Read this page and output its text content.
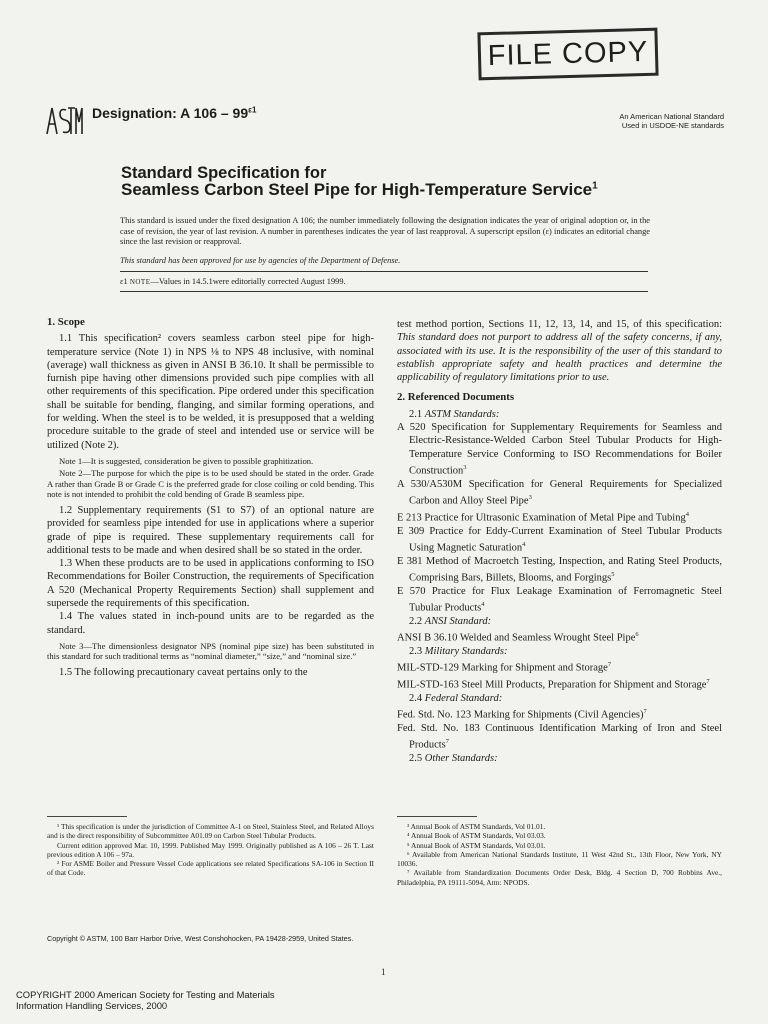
FILE COPY
Designation: A $106 - 99^{\varepsilon 1}$
An American National Standard
Used in USDOE-NE standards
Standard Specification for
Seamless Carbon Steel Pipe for High-Temperature Service$^1$
This standard is issued under the fixed designation A 106; the number immediately following the designation indicates the year of original adoption or, in the case of revision, the year of last revision. A number in parentheses indicates the year of last reapproval. A superscript epsilon (ε) indicates an editorial change since the last revision or reapproval.
This standard has been approved for use by agencies of the Department of Defense.
ε1 NOTE—Values in 14.5.1were editorially corrected August 1999.
1. Scope

1.1 This specification² covers seamless carbon steel pipe for high-temperature service (Note 1) in NPS ⅛ to NPS 48 inclusive, with nominal (average) wall thickness as given in ANSI B 36.10. It shall be permissible to furnish pipe having other dimensions provided such pipe complies with all other requirements of this specification. Pipe ordered under this specification shall be suitable for bending, flanging, and similar forming operations, and for welding. When the steel is to be welded, it is presupposed that a welding procedure suitable to the grade of steel and intended use or service will be utilized (Note 2).

Note 1—It is suggested, consideration be given to possible graphitization.

Note 2—The purpose for which the pipe is to be used should be stated in the order. Grade A rather than Grade B or Grade C is the preferred grade for close coiling or cold bending. This note is not intended to prohibit the cold bending of Grade B seamless pipe.

1.2 Supplementary requirements (S1 to S7) of an optional nature are provided for seamless pipe intended for use in applications where a superior grade of pipe is required. These supplementary requirements call for additional tests to be made and when desired shall be so stated in the order.

1.3 When these products are to be used in applications conforming to ISO Recommendations for Boiler Construction, the requirements of Specification A 520 (Mechanical Property Requirements Section) shall supplement and supersede the requirements of this specification.

1.4 The values stated in inch-pound units are to be regarded as the standard.

Note 3—The dimensionless designator NPS (nominal pipe size) has been substituted in this standard for such traditional terms as “nominal diameter,” “size,” and “nominal size.”

1.5 The following precautionary caveat pertains only to the

test method portion, Sections 11, 12, 13, 14, and 15, of this specification: This standard does not purport to address all of the safety concerns, if any, associated with its use. It is the responsibility of the user of this standard to establish appropriate safety and health practices and determine the applicability of regulatory limitations prior to use.

2. Referenced Documents

2.1 ASTM Standards:

A 520 Specification for Supplementary Requirements for Seamless and Electric-Resistance-Welded Carbon Steel Tubular Products for High-Temperature Service Conforming to ISO Recommendations for Boiler Construction$^3$

A 530/A530M Specification for General Requirements for Specialized Carbon and Alloy Steel Pipe$^3$

E 213 Practice for Ultrasonic Examination of Metal Pipe and Tubing$^4$

E 309 Practice for Eddy-Current Examination of Steel Tubular Products Using Magnetic Saturation$^4$

E 381 Method of Macroetch Testing, Inspection, and Rating Steel Products, Comprising Bars, Billets, Blooms, and Forgings$^5$

E 570 Practice for Flux Leakage Examination of Ferromagnetic Steel Tubular Products$^4$

2.2 ANSI Standard:

ANSI B 36.10 Welded and Seamless Wrought Steel Pipe$^6$

2.3 Military Standards:

MIL-STD-129 Marking for Shipment and Storage$^7$

MIL-STD-163 Steel Mill Products, Preparation for Shipment and Storage$^7$

2.4 Federal Standard:

Fed. Std. No. 123 Marking for Shipments (Civil Agencies)$^7$

Fed. Std. No. 183 Continuous Identification Marking of Iron and Steel Products$^7$

2.5 Other Standards:

¹ This specification is under the jurisdiction of Committee A-1 on Steel, Stainless Steel, and Related Alloys and is the direct responsibility of Subcommittee A01.09 on Carbon Steel Tubular Products.

Current edition approved Mar. 10, 1999. Published May 1999. Originally published as A 106 – 26 T. Last previous edition A 106 – 97a.

² For ASME Boiler and Pressure Vessel Code applications see related Specifications SA-106 in Section II of that Code.

³ Annual Book of ASTM Standards, Vol 01.01.

⁴ Annual Book of ASTM Standards, Vol 03.03.

⁵ Annual Book of ASTM Standards, Vol 03.01.

⁶ Available from American National Standards Institute, 11 West 42nd St., 13th Floor, New York, NY 10036.

⁷ Available from Standardization Documents Order Desk, Bldg. 4 Section D, 700 Robbins Ave., Philadelphia, PA 19111-5094, Attn: NPODS.

Copyright © ASTM, 100 Barr Harbor Drive, West Conshohocken, PA 19428-2959, United States.
1
COPYRIGHT 2000 American Society for Testing and Materials
Information Handling Services, 2000
